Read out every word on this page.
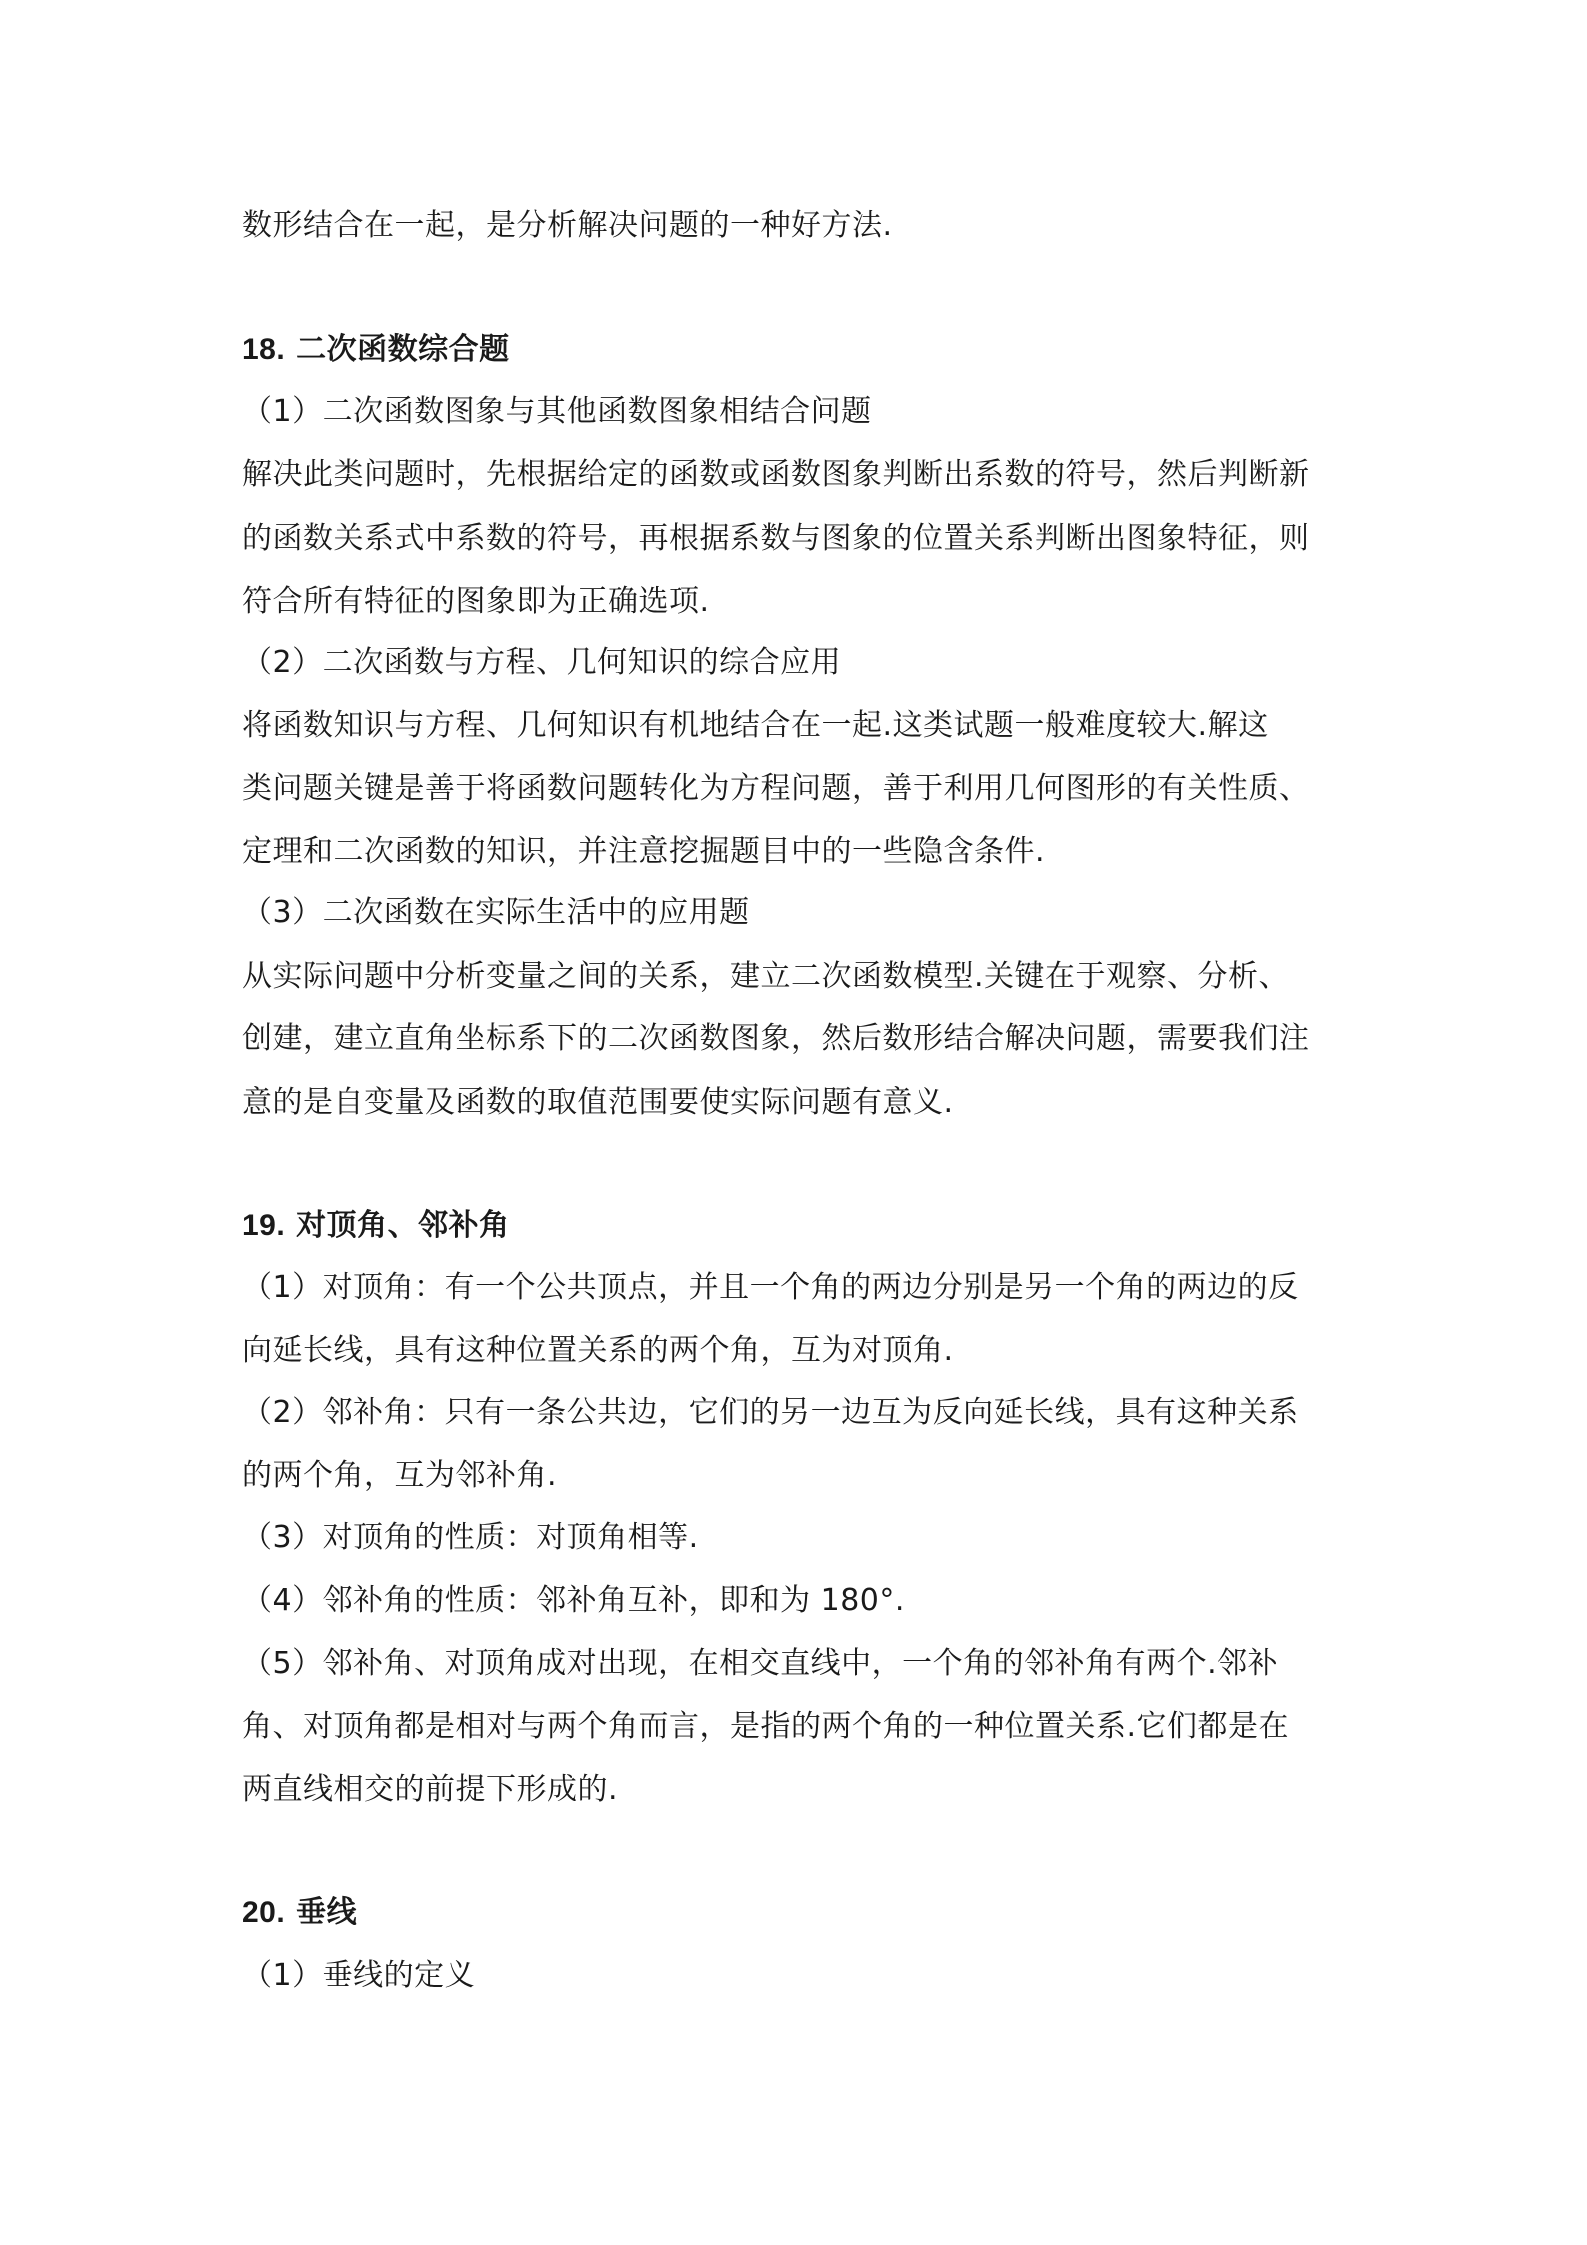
数形结合在一起，是分析解决问题的一种好方法.
18. 二次函数综合题
（1）二次函数图象与其他函数图象相结合问题
解决此类问题时，先根据给定的函数或函数图象判断出系数的符号，然后判断新
的函数关系式中系数的符号，再根据系数与图象的位置关系判断出图象特征，则
符合所有特征的图象即为正确选项.
（2）二次函数与方程、几何知识的综合应用
将函数知识与方程、几何知识有机地结合在一起.这类试题一般难度较大.解这
类问题关键是善于将函数问题转化为方程问题，善于利用几何图形的有关性质、
定理和二次函数的知识，并注意挖掘题目中的一些隐含条件.
（3）二次函数在实际生活中的应用题
从实际问题中分析变量之间的关系，建立二次函数模型.关键在于观察、分析、
创建，建立直角坐标系下的二次函数图象，然后数形结合解决问题，需要我们注
意的是自变量及函数的取值范围要使实际问题有意义.
19. 对顶角、邻补角
（1）对顶角：有一个公共顶点，并且一个角的两边分别是另一个角的两边的反
向延长线，具有这种位置关系的两个角，互为对顶角.
（2）邻补角：只有一条公共边，它们的另一边互为反向延长线，具有这种关系
的两个角，互为邻补角.
（3）对顶角的性质：对顶角相等.
（4）邻补角的性质：邻补角互补，即和为 180°.
（5）邻补角、对顶角成对出现，在相交直线中，一个角的邻补角有两个.邻补
角、对顶角都是相对与两个角而言，是指的两个角的一种位置关系.它们都是在
两直线相交的前提下形成的.
20. 垂线
（1）垂线的定义
